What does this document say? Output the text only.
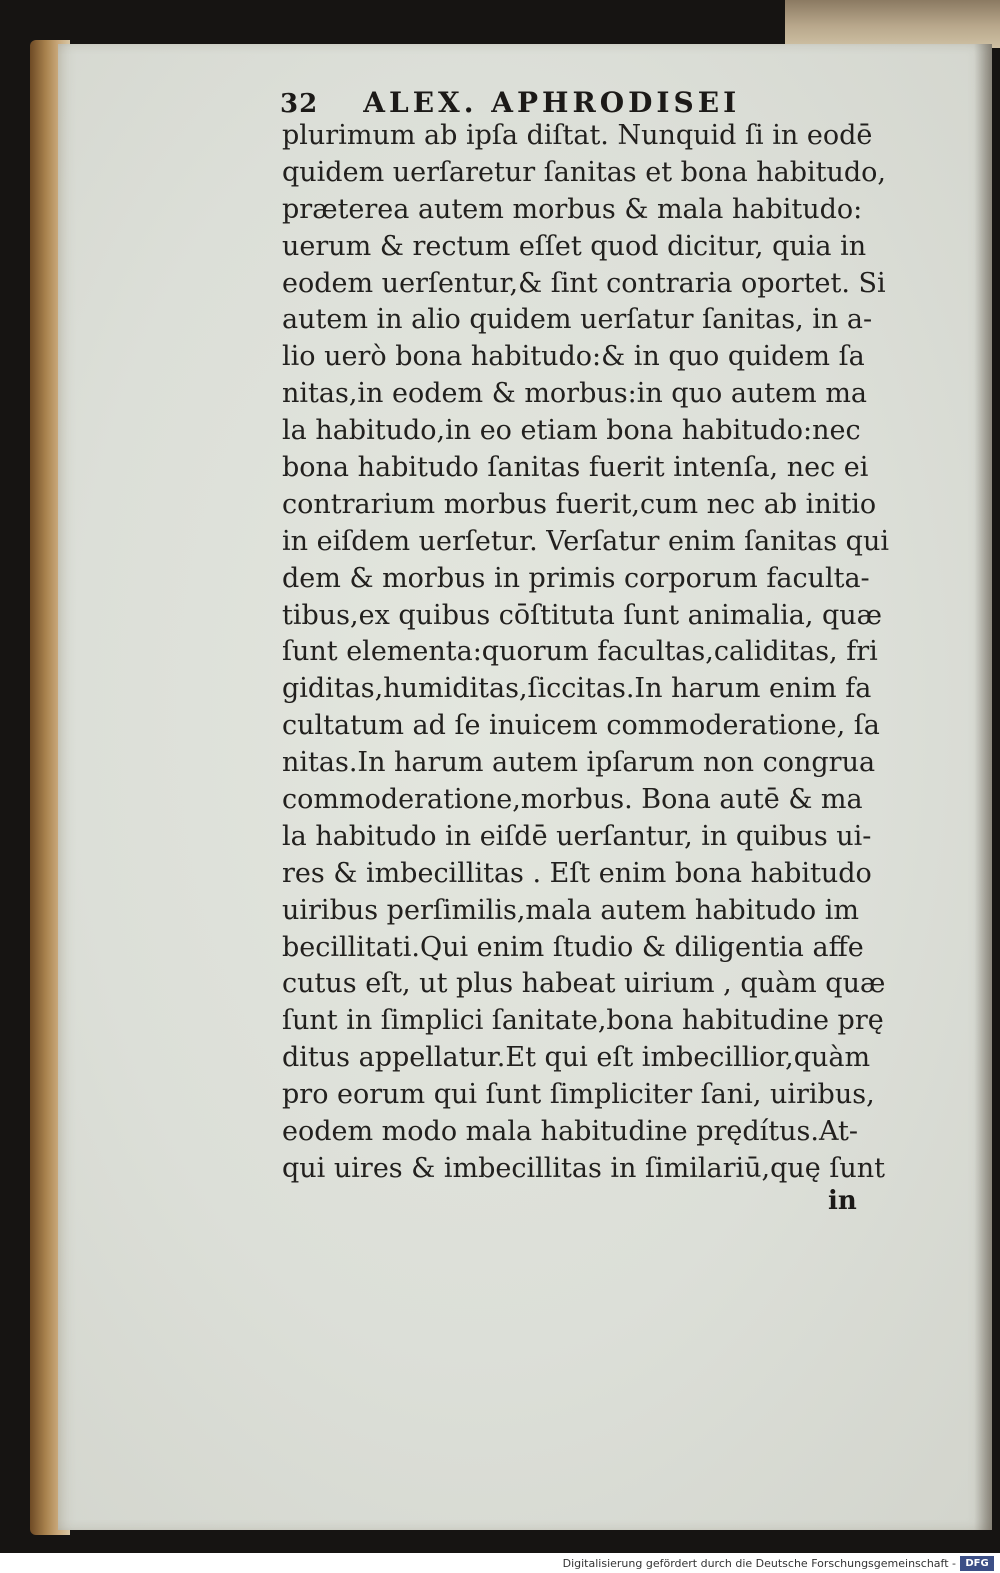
32 ALEX. APHRODISEI
plurimum ab ipſa diſtat. Nunquid ſi in eodē
quidem uerſaretur ſanitas et bona habitudo,
præterea autem morbus & mala habitudo:
uerum & rectum eſſet quod dicitur, quia in
eodem uerſentur,& ſint contraria oportet. Si
autem in alio quidem uerſatur ſanitas, in a-
lio uerò bona habitudo:& in quo quidem ſa
nitas,in eodem & morbus:in quo autem ma
la habitudo,in eo etiam bona habitudo:nec
bona habitudo ſanitas fuerit intenſa, nec ei
contrarium morbus fuerit,cum nec ab initio
in eiſdem uerſetur. Verſatur enim ſanitas qui
dem & morbus in primis corporum faculta-
tibus,ex quibus cōſtituta ſunt animalia, quæ
ſunt elementa:quorum facultas,caliditas, fri
giditas,humiditas,ſiccitas.In harum enim fa
cultatum ad ſe inuicem commoderatione, ſa
nitas.In harum autem ipſarum non congrua
commoderatione,morbus. Bona autē & ma
la habitudo in eiſdē uerſantur, in quibus ui-
res & imbecillitas . Eſt enim bona habitudo
uiribus perſimilis,mala autem habitudo im
becillitati.Qui enim ſtudio & diligentia affe
cutus eſt, ut plus habeat uirium , quàm quæ
ſunt in ſimplici ſanitate,bona habitudine prę
ditus appellatur.Et qui eſt imbecillior,quàm
pro eorum qui ſunt ſimpliciter ſani, uiribus,
eodem modo mala habitudine prędítus.At-
qui uires & imbecillitas in ſimilariū,quę ſunt
in
Digitalisierung gefördert durch die Deutsche Forschungsgemeinschaft - DFG
